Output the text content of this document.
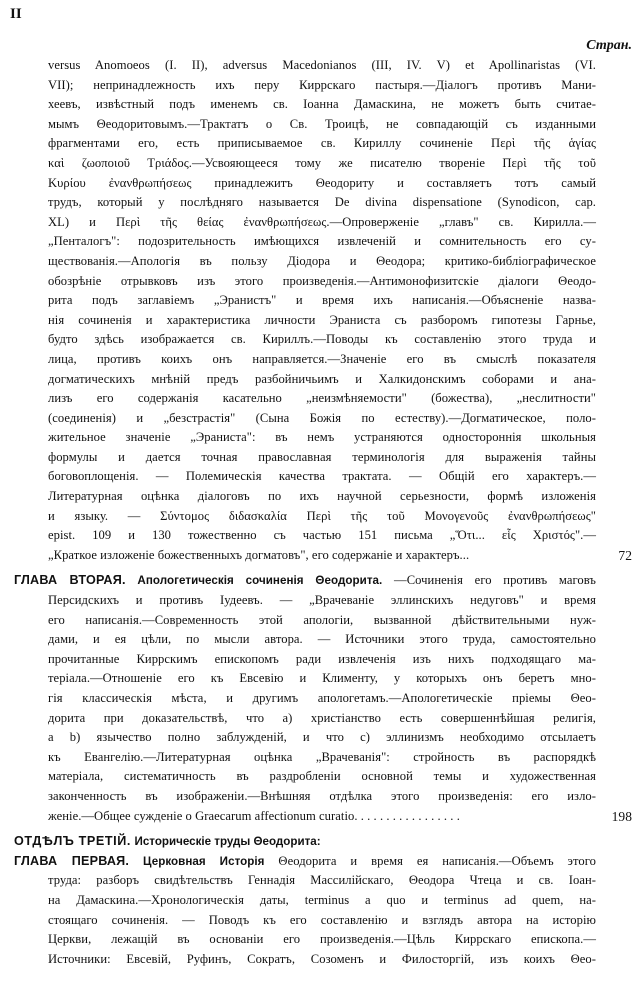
II
Стран.
versus Anomoeos (I. II), adversus Macedonianos (III, IV. V) et Apollinaristas (VI.
VII); непринадлежность ихъ перу Киррскаго пастыря.—Діалогъ противъ Мани-
хеевъ, извѣстный подъ именемъ св. Іоанна Дамаскина, не можетъ быть считае-
мымъ Θеодоритовымъ.—Трактатъ о Св. Троицѣ, не совпадающій съ изданными
фрагментами его, есть приписываемое св. Кириллу сочиненіе Περὶ τῆς ἁγίας
καὶ ζωοποιοῦ Τριάδος.—Усвояющееся тому же писателю твореніе Περὶ τῆς τοῦ
Κυρίου ἐνανθρωπήσεως принадлежитъ Θеодориту и составляетъ тотъ самый
трудъ, который у послѣдняго называется De divina dispensatione (Synodicon, cap.
XL) и Περὶ τῆς θείας ἐνανθρωπήσεως.—Опроверженіе „главъ" св. Кирилла.—
„Пенталогъ": подозрительность имѣющихся извлеченій и сомнительность его су-
ществованія.—Апологія въ пользу Діодора и Θеодора; критико-библіографическое
обозрѣніе отрывковъ изъ этого произведенія.—Антимонофизитскіе діалоги Θеодо-
рита подъ заглавіемъ „Эранистъ" и время ихъ написанія.—Объясненіе назва-
нія сочиненія и характеристика личности Эраниста съ разборомъ гипотезы Гарнье,
будто здѣсь изображается св. Кириллъ.—Поводы къ составленію этого труда и
лица, противъ коихъ онъ направляется.—Значеніе его въ смыслѣ показателя
догматическихъ мнѣній предъ разбойничьимъ и Халкидонскимъ соборами и ана-
лизъ его содержанія касательно „неизмѣняемости" (божества), „неслитности"
(соединенія) и „безстрастія" (Сына Божія по естеству).—Догматическое, поло-
жительное значеніе „Эраниста": въ немъ устраняются одностороннія школьныя
формулы и дается точная православная терминологія для выраженія тайны
боговоплощенія. — Полемическія качества трактата. — Общій его характеръ.—
Литературная оцѣнка діалоговъ по ихъ научной серьезности, формѣ изложенія
и языку. — Σύντομος διδασκαλία Περὶ τῆς τοῦ Μονογενοῦς ἐνανθρωπήσεως"
epist. 109 и 130 тожественно съ частью 151 письма „Ὅτι... εἷς Χριστός".—
„Краткое изложеніе божественныхъ догматовъ", его содержаніе и характеръ...	72
ГЛАВА ВТОРАЯ. Апологетическія сочиненія Θеодорита. —Сочиненія его противъ маговъ
Персидскихъ и противъ Іудеевъ. — „Врачеваніе эллинскихъ недуговъ" и время
его написанія.—Современность этой апологіи, вызванной дѣйствительными нуж-
дами, и ея цѣли, по мысли автора. — Источники этого труда, самостоятельно
прочитанные Киррскимъ епископомъ ради извлеченія изъ нихъ подходящаго ма-
теріала.—Отношеніе его къ Евсевію и Клименту, у которыхъ онъ беретъ мно-
гія классическія мѣста, и другимъ апологетамъ.—Апологетическіе пріемы Θео-
дорита при доказательствѣ, что а) христіанство есть совершеннѣйшая религія,
а b) язычество полно заблужденій, и что с) эллинизмъ необходимо отсылаетъ
къ Евангелію.—Литературная оцѣнка „Врачеванія": стройность въ распорядкѣ
матеріала, систематичность въ раздробленіи основной темы и художественная
законченность въ изображеніи.—Внѣшняя отдѣлка этого произведенія: его изло-
женіе.—Общее сужденіе о Graecarum affectionum curatio. . . . . . . . . . . . . . . . .	198
ОТДѢЛЪ ТРЕТІЙ. Историческіе труды Θеодорита:
ГЛАВА ПЕРВАЯ. Церковная Исторія Θеодорита и время ея написанія.—Объемъ этого
труда: разборъ свидѣтельствъ Геннадія Массилійскаго, Θеодора Чтеца и св. Іоан-
на Дамаскина.—Хронологическія даты, terminus a quo и terminus ad quem, на-
стоящаго сочиненія. — Поводъ къ его составленію и взглядъ автора на исторію
Церкви, лежащій въ основаніи его произведенія.—Цѣль Киррскаго епископа.—
Источники: Евсевій, Руфинъ, Сократъ, Созоменъ и Филосторгій, изъ коихъ Θео-
